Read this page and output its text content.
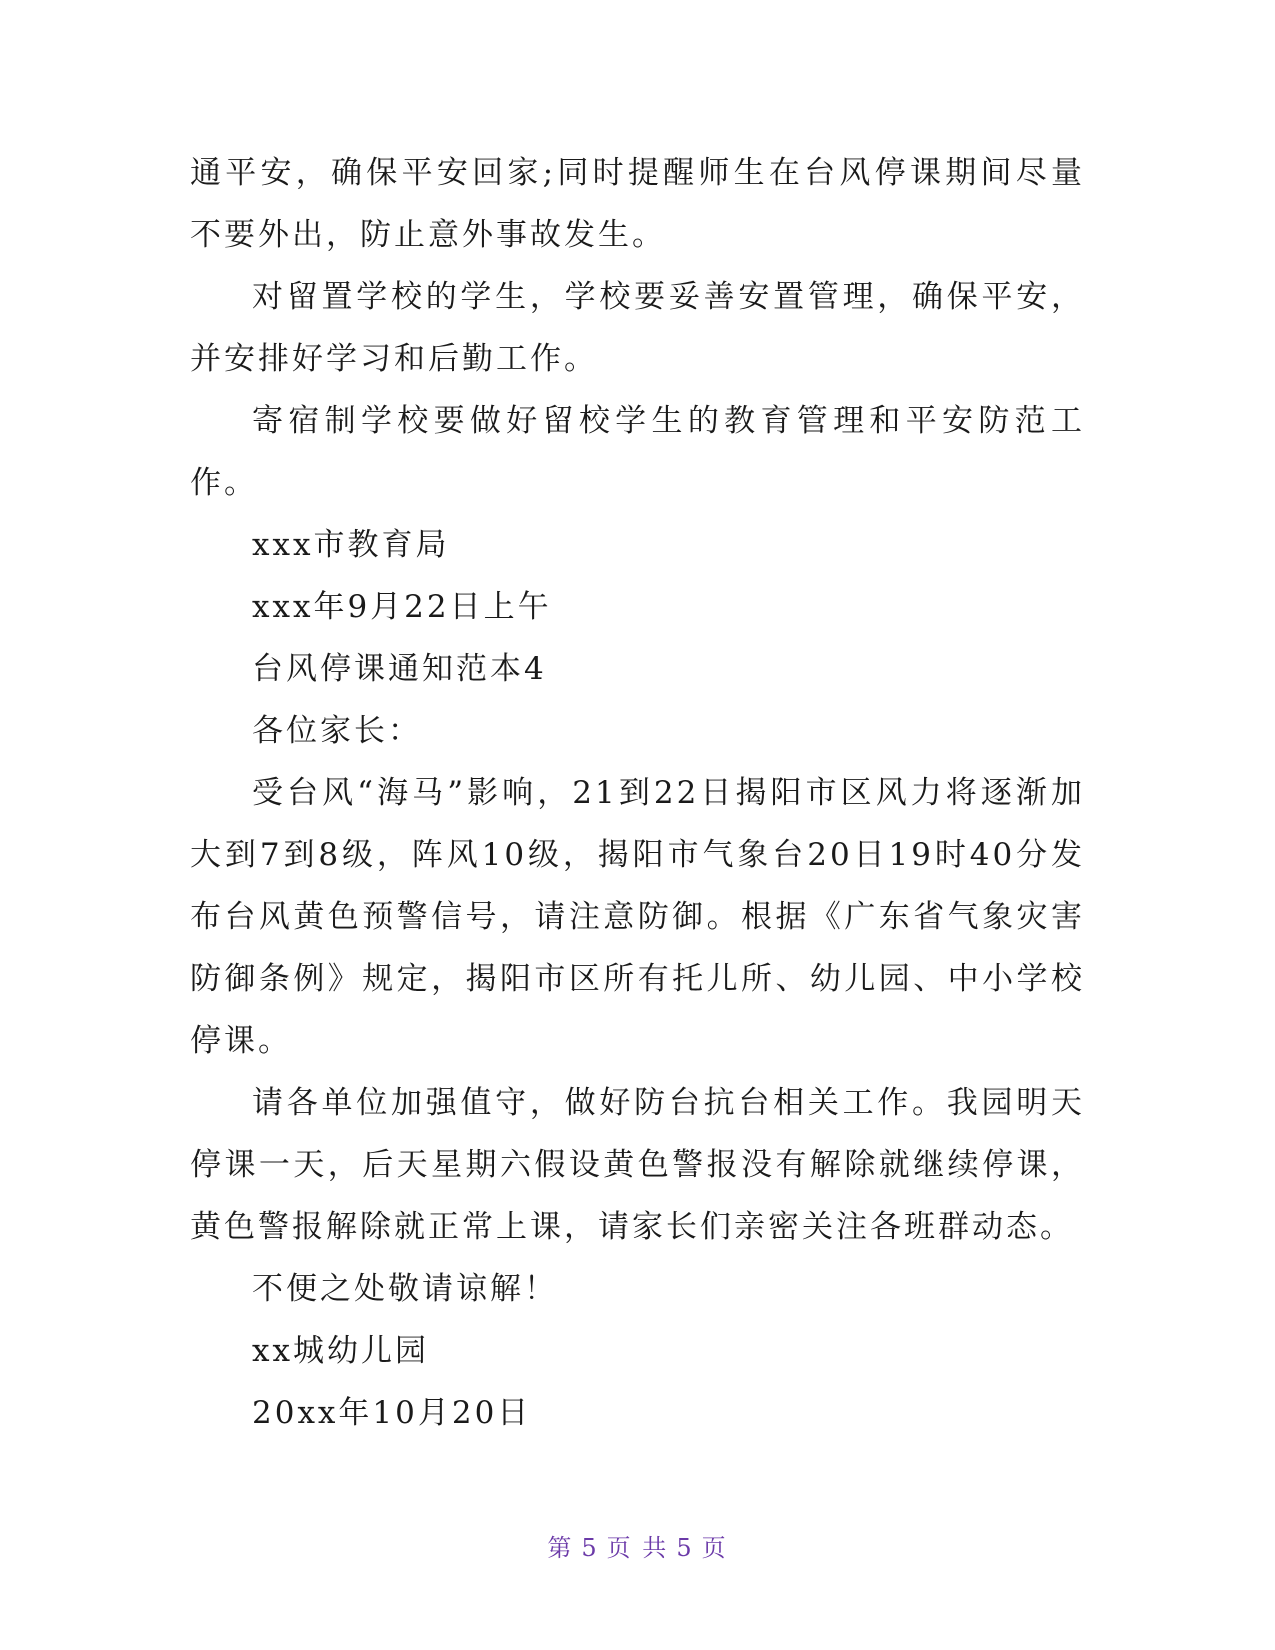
通平安，确保平安回家;同时提醒师生在台风停课期间尽量不要外出，防止意外事故发生。

对留置学校的学生，学校要妥善安置管理，确保平安，并安排好学习和后勤工作。

寄宿制学校要做好留校学生的教育管理和平安防范工作。

xxx市教育局

xxx年9月22日上午

台风停课通知范本4

各位家长：

受台风“海马”影响，21到22日揭阳市区风力将逐渐加大到7到8级，阵风10级，揭阳市气象台20日19时40分发布台风黄色预警信号，请注意防御。根据《广东省气象灾害防御条例》规定，揭阳市区所有托儿所、幼儿园、中小学校停课。

请各单位加强值守，做好防台抗台相关工作。我园明天停课一天，后天星期六假设黄色警报没有解除就继续停课，黄色警报解除就正常上课，请家长们亲密关注各班群动态。

不便之处敬请谅解！

xx城幼儿园

20xx年10月20日

第 5 页 共 5 页
